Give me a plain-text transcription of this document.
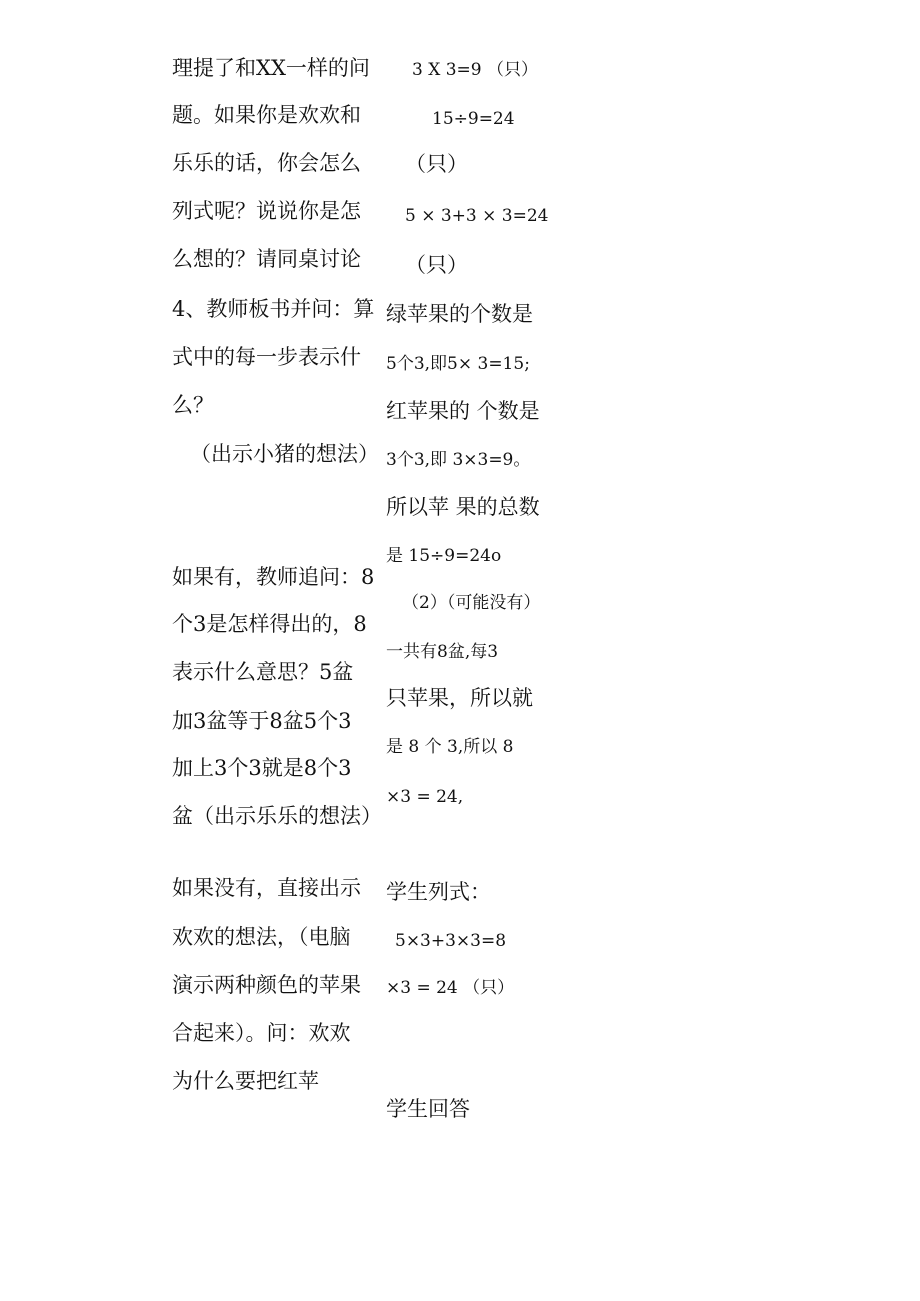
理提了和XX一样的问
题。如果你是欢欢和
乐乐的话，你会怎么
列式呢？说说你是怎
么想的？请同桌讨论
4、教师板书并问：算
式中的每一步表示什
么？
（出示小猪的想法）
如果有，教师追问：8
个3是怎样得出的，8
表示什么意思？5盆
加3盆等于8盆5个3
加上3个3就是8个3
盆（出示乐乐的想法）
如果没有，直接出示
欢欢的想法，（电脑
演示两种颜色的苹果
合起来）。问：欢欢
为什么要把红苹
3 X 3=9 （只）
15÷9=24
（只）
5 × 3+3 × 3=24
（只）
绿苹果的个数是
5个3,即5× 3=15;
红苹果的 个数是
3个3,即 3×3=9。
所以苹 果的总数
是 15÷9=24o
（2）（可能没有）
一共有8盆,每3
只苹果，所以就
是 8 个 3,所以 8
×3 = 24,
学生列式：
5×3+3×3=8
×3 = 24 （只）
学生回答
